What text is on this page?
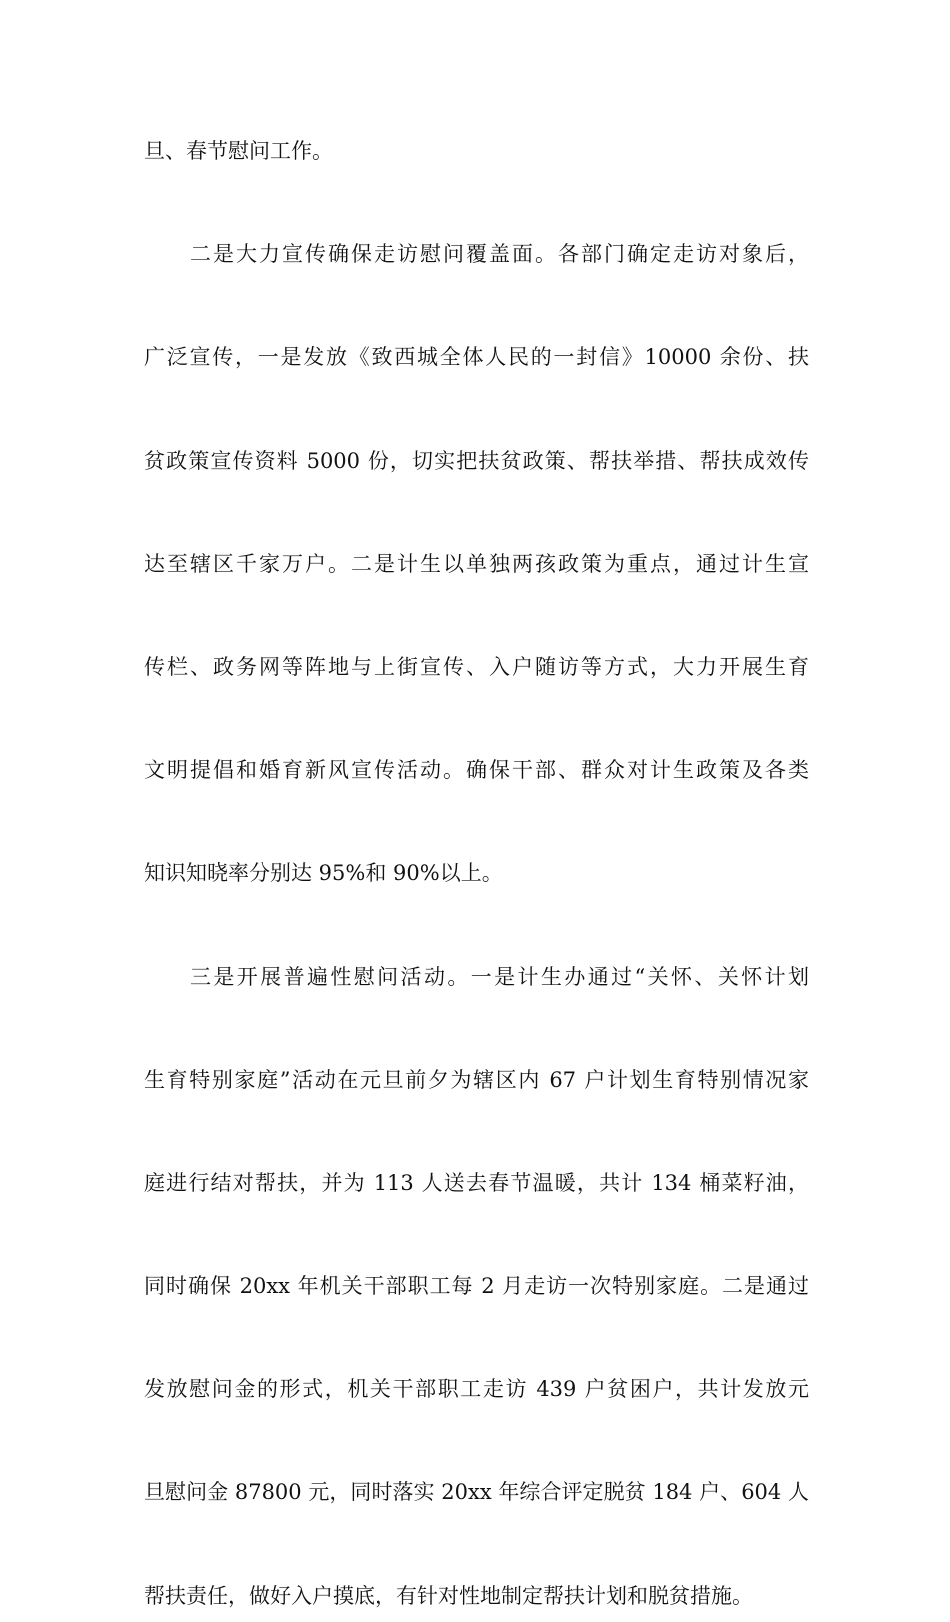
旦、春节慰问工作。
二是大力宣传确保走访慰问覆盖面。各部门确定走访对象后，
广泛宣传，一是发放《致西城全体人民的一封信》10000 余份、扶
贫政策宣传资料 5000 份，切实把扶贫政策、帮扶举措、帮扶成效传
达至辖区千家万户。二是计生以单独两孩政策为重点，通过计生宣
传栏、政务网等阵地与上街宣传、入户随访等方式，大力开展生育
文明提倡和婚育新风宣传活动。确保干部、群众对计生政策及各类
知识知晓率分别达 95%和 90%以上。
三是开展普遍性慰问活动。一是计生办通过“关怀、关怀计划
生育特别家庭”活动在元旦前夕为辖区内 67 户计划生育特别情况家
庭进行结对帮扶，并为 113 人送去春节温暖，共计 134 桶菜籽油，
同时确保 20xx 年机关干部职工每 2 月走访一次特别家庭。二是通过
发放慰问金的形式，机关干部职工走访 439 户贫困户，共计发放元
旦慰问金 87800 元，同时落实 20xx 年综合评定脱贫 184 户、604 人
帮扶责任，做好入户摸底，有针对性地制定帮扶计划和脱贫措施。
